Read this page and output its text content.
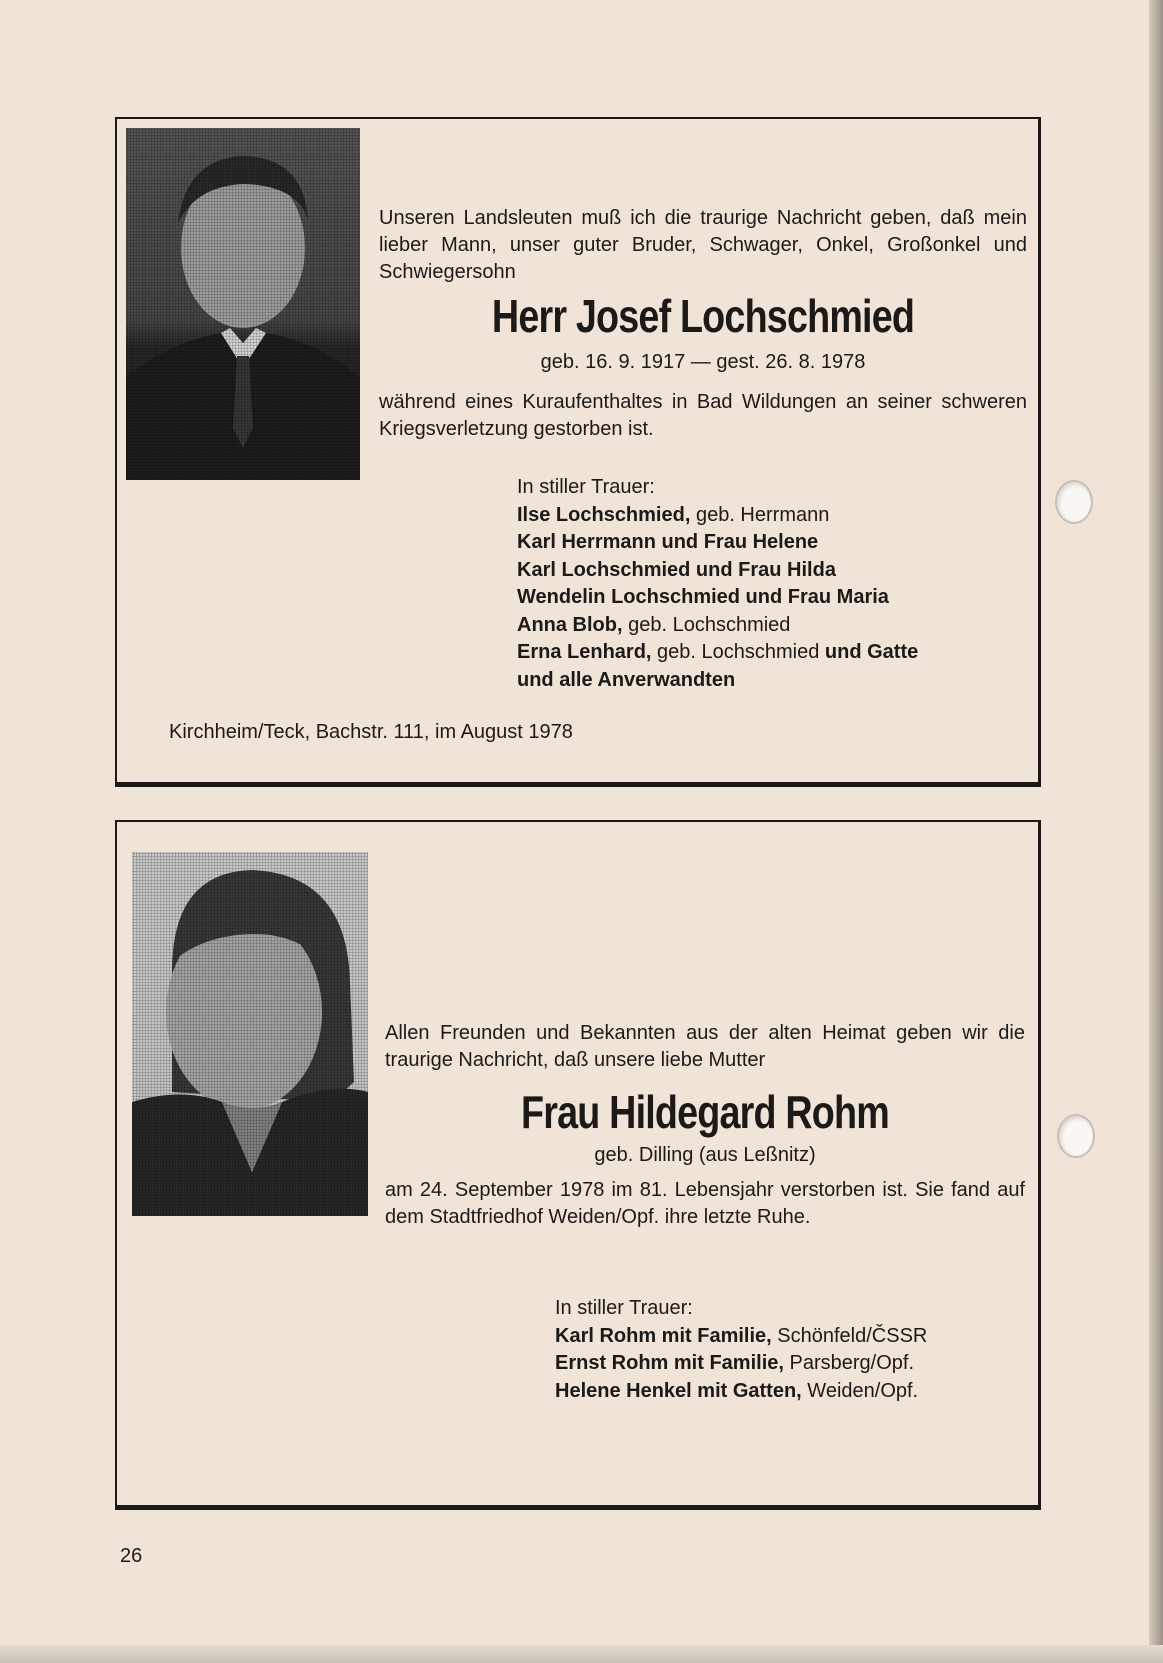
Unseren Landsleuten muß ich die traurige Nachricht geben, daß mein lieber Mann, unser guter Bruder, Schwager, Onkel, Großonkel und Schwiegersohn
Herr Josef Lochschmied
geb. 16. 9. 1917 — gest. 26. 8. 1978
während eines Kuraufenthaltes in Bad Wildungen an seiner schweren Kriegsverletzung gestorben ist.
In stiller Trauer:
Ilse Lochschmied, geb. Herrmann
Karl Herrmann und Frau Helene
Karl Lochschmied und Frau Hilda
Wendelin Lochschmied und Frau Maria
Anna Blob, geb. Lochschmied
Erna Lenhard, geb. Lochschmied und Gatte
und alle Anverwandten
Kirchheim/Teck, Bachstr. 111, im August 1978
Allen Freunden und Bekannten aus der alten Heimat geben wir die traurige Nachricht, daß unsere liebe Mutter
Frau Hildegard Rohm
geb. Dilling (aus Leßnitz)
am 24. September 1978 im 81. Lebensjahr verstorben ist. Sie fand auf dem Stadtfriedhof Weiden/Opf. ihre letzte Ruhe.
In stiller Trauer:
Karl Rohm mit Familie, Schönfeld/ČSSR
Ernst Rohm mit Familie, Parsberg/Opf.
Helene Henkel mit Gatten, Weiden/Opf.
26
